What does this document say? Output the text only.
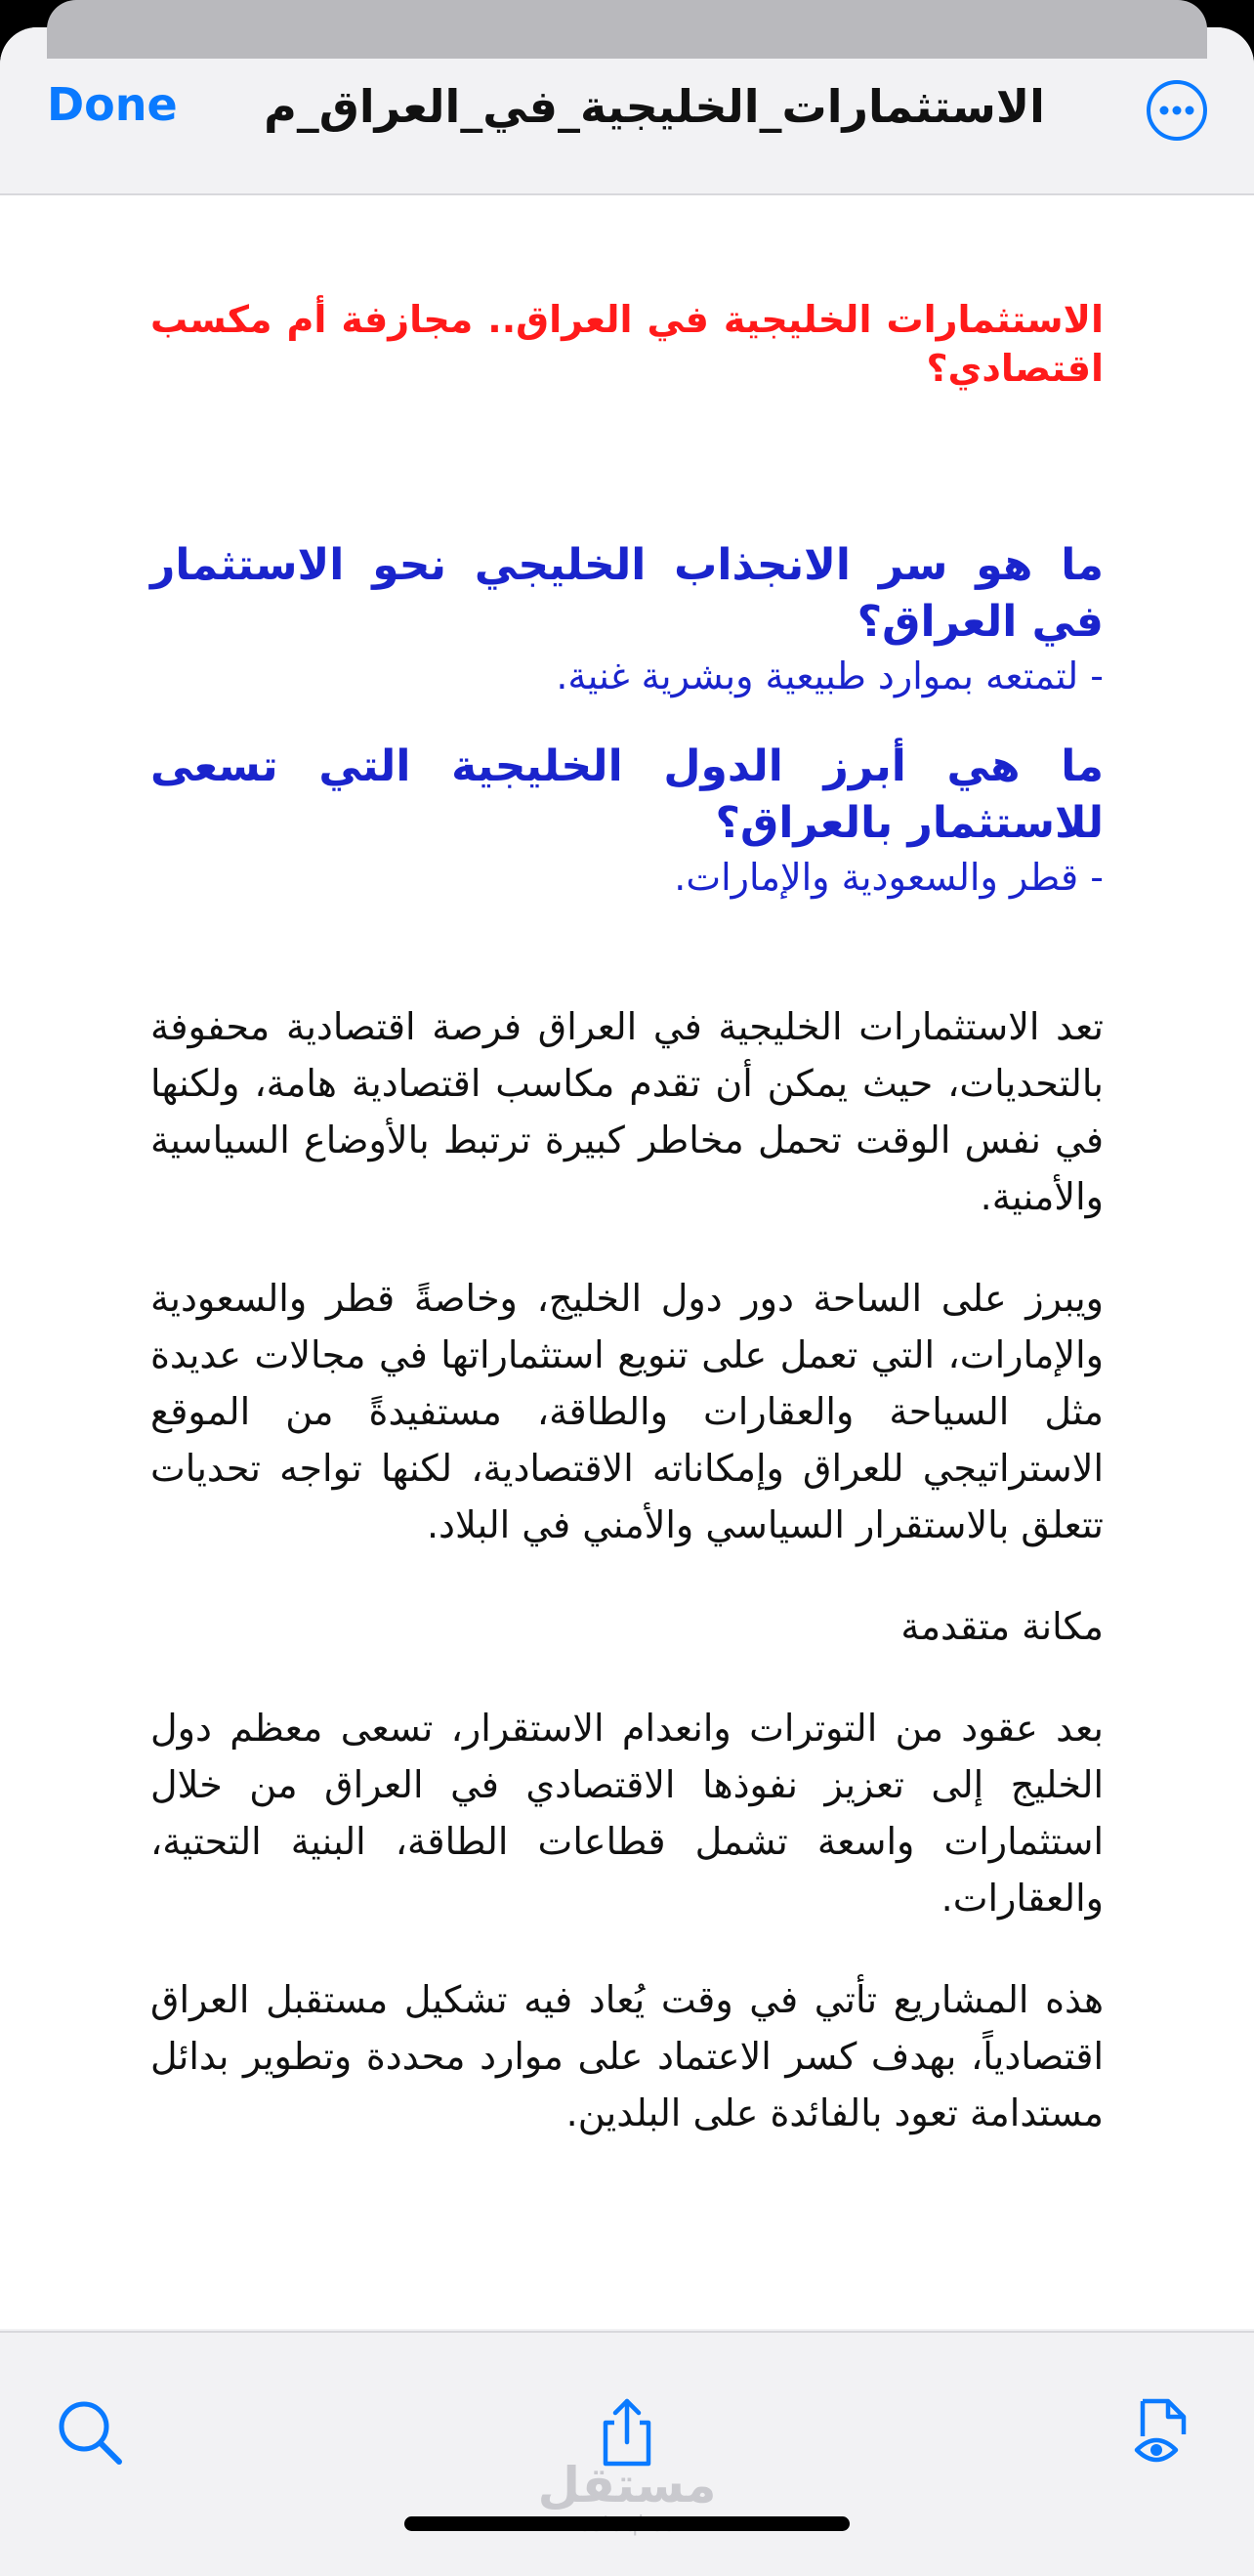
Done	الاستثمارات_الخليجية_في_العراق_م

الاستثمارات الخليجية في العراق.. مجازفة أم مكسب اقتصادي؟

ما هو سر الانجذاب الخليجي نحو الاستثمار في العراق؟

- لتمتعه بموارد طبيعية وبشرية غنية.

ما هي أبرز الدول الخليجية التي تسعى للاستثمار بالعراق؟

- قطر والسعودية والإمارات.

تعد الاستثمارات الخليجية في العراق فرصة اقتصادية محفوفة بالتحديات، حيث يمكن أن تقدم مكاسب اقتصادية هامة، ولكنها في نفس الوقت تحمل مخاطر كبيرة ترتبط بالأوضاع السياسية والأمنية.

ويبرز على الساحة دور دول الخليج، وخاصةً قطر والسعودية والإمارات، التي تعمل على تنويع استثماراتها في مجالات عديدة مثل السياحة والعقارات والطاقة، مستفيدةً من الموقع الاستراتيجي للعراق وإمكاناته الاقتصادية، لكنها تواجه تحديات تتعلق بالاستقرار السياسي والأمني في البلاد.

مكانة متقدمة

بعد عقود من التوترات وانعدام الاستقرار، تسعى معظم دول الخليج إلى تعزيز نفوذها الاقتصادي في العراق من خلال استثمارات واسعة تشمل قطاعات الطاقة، البنية التحتية، والعقارات.

هذه المشاريع تأتي في وقت يُعاد فيه تشكيل مستقبل العراق اقتصادياً، بهدف كسر الاعتماد على موارد محددة وتطوير بدائل مستدامة تعود بالفائدة على البلدين.

مستقل
